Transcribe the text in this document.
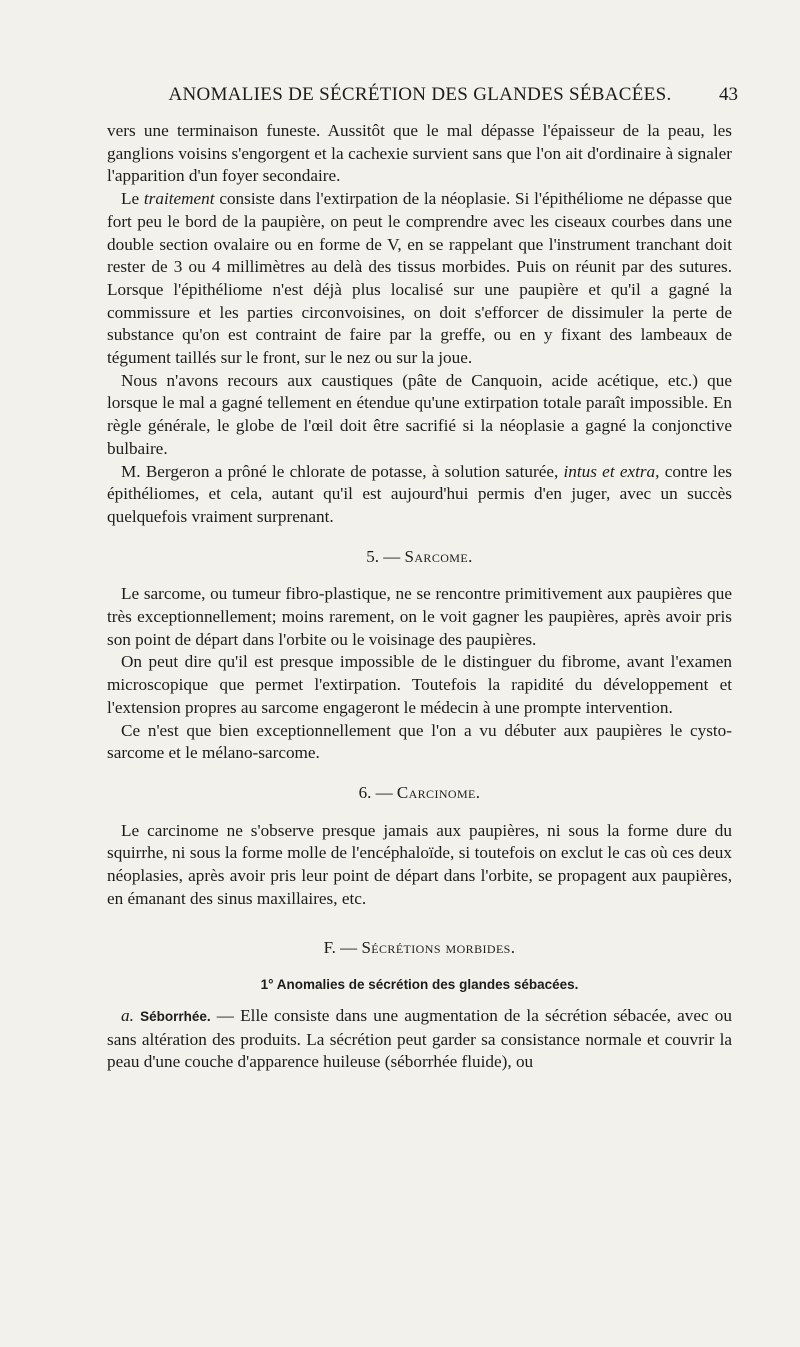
ANOMALIES DE SÉCRÉTION DES GLANDES SÉBACÉES.	43

vers une terminaison funeste. Aussitôt que le mal dépasse l'épaisseur de la peau, les ganglions voisins s'engorgent et la cachexie survient sans que l'on ait d'ordinaire à signaler l'apparition d'un foyer secondaire.

Le traitement consiste dans l'extirpation de la néoplasie. Si l'épithéliome ne dépasse que fort peu le bord de la paupière, on peut le comprendre avec les ciseaux courbes dans une double section ovalaire ou en forme de V, en se rappelant que l'instrument tranchant doit rester de 3 ou 4 millimètres au delà des tissus morbides. Puis on réunit par des sutures. Lorsque l'épithéliome n'est déjà plus localisé sur une paupière et qu'il a gagné la commissure et les parties circonvoisines, on doit s'efforcer de dissimuler la perte de substance qu'on est contraint de faire par la greffe, ou en y fixant des lambeaux de tégument taillés sur le front, sur le nez ou sur la joue.

Nous n'avons recours aux caustiques (pâte de Canquoin, acide acétique, etc.) que lorsque le mal a gagné tellement en étendue qu'une extirpation totale paraît impossible. En règle générale, le globe de l'œil doit être sacrifié si la néoplasie a gagné la conjonctive bulbaire.

M. Bergeron a prôné le chlorate de potasse, à solution saturée, intus et extra, contre les épithéliomes, et cela, autant qu'il est aujourd'hui permis d'en juger, avec un succès quelquefois vraiment surprenant.

5. — Sarcome.

Le sarcome, ou tumeur fibro-plastique, ne se rencontre primitivement aux paupières que très exceptionnellement; moins rarement, on le voit gagner les paupières, après avoir pris son point de départ dans l'orbite ou le voisinage des paupières.

On peut dire qu'il est presque impossible de le distinguer du fibrome, avant l'examen microscopique que permet l'extirpation. Toutefois la rapidité du développement et l'extension propres au sarcome engageront le médecin à une prompte intervention.

Ce n'est que bien exceptionnellement que l'on a vu débuter aux paupières le cysto-sarcome et le mélano-sarcome.

6. — Carcinome.

Le carcinome ne s'observe presque jamais aux paupières, ni sous la forme dure du squirrhe, ni sous la forme molle de l'encéphaloïde, si toutefois on exclut le cas où ces deux néoplasies, après avoir pris leur point de départ dans l'orbite, se propagent aux paupières, en émanant des sinus maxillaires, etc.

F. — Sécrétions morbides.
1° Anomalies de sécrétion des glandes sébacées.

a. Séborrhée. — Elle consiste dans une augmentation de la sécrétion sébacée, avec ou sans altération des produits. La sécrétion peut garder sa consistance normale et couvrir la peau d'une couche d'apparence huileuse (séborrhée fluide), ou
